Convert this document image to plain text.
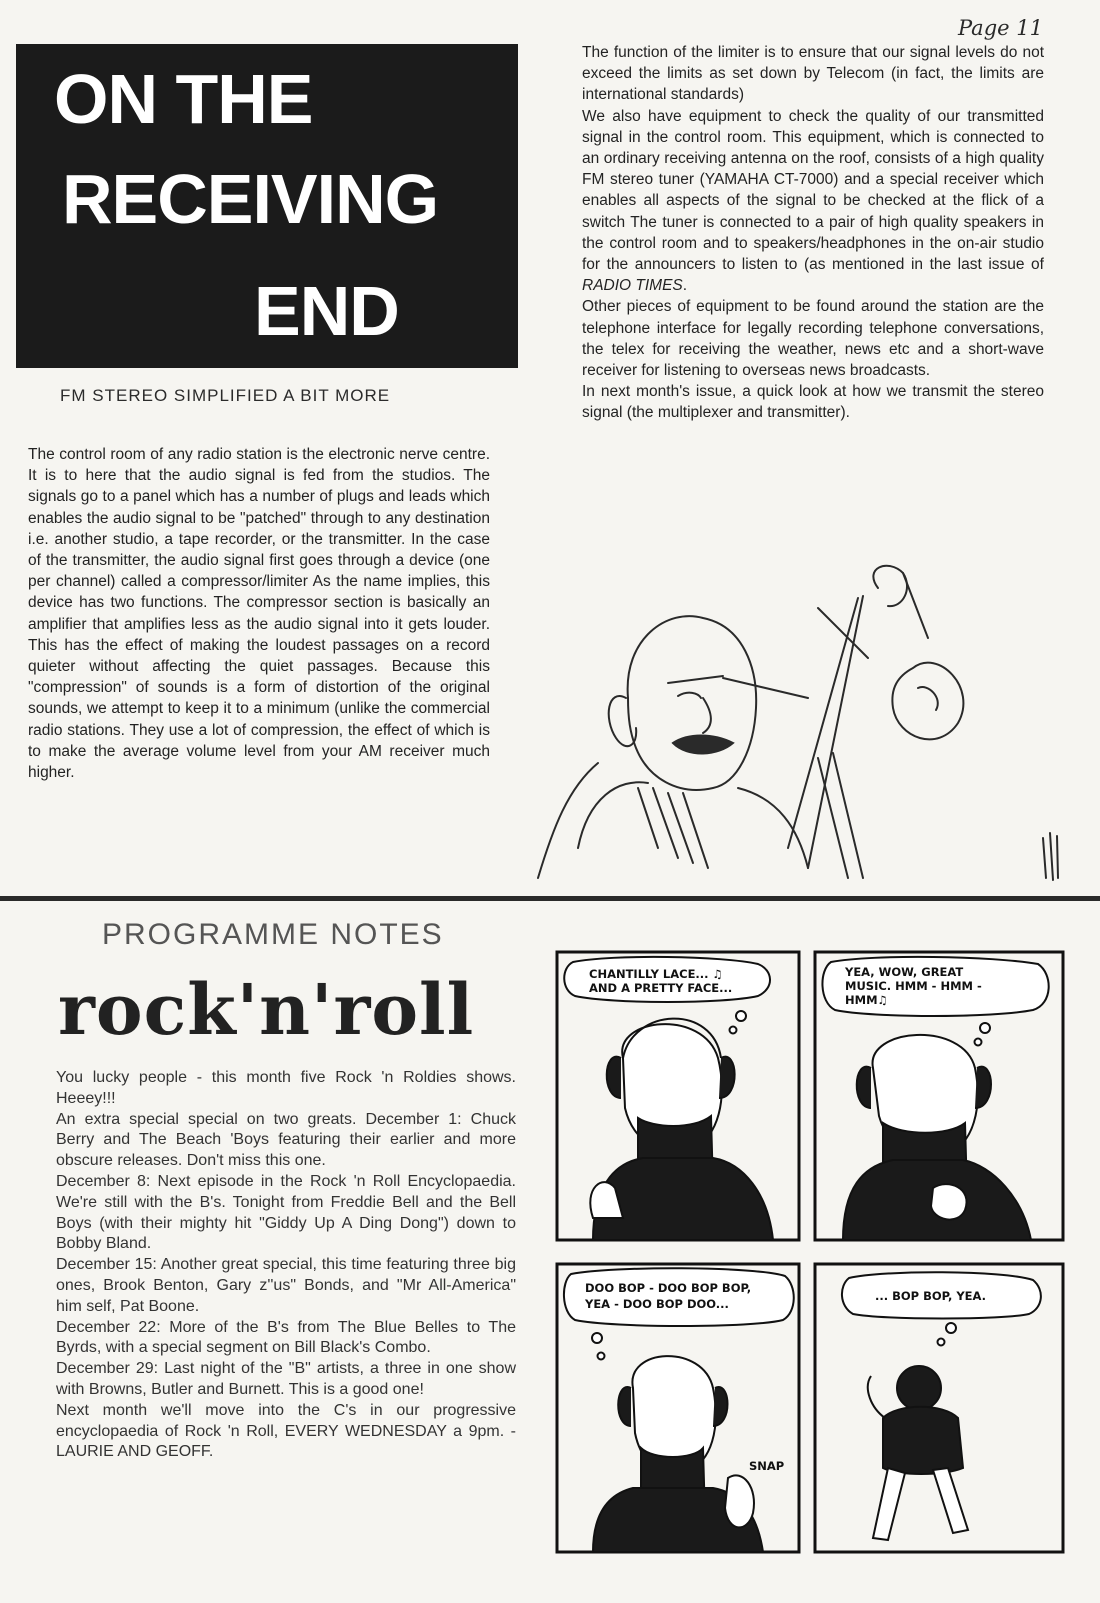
Page 11
ON THE
RECEIVING
END
FM STEREO SIMPLIFIED A BIT MORE

The control room of any radio station is the electronic nerve centre. It is to here that the audio signal is fed from the studios. The signals go to a panel which has a number of plugs and leads which enables the audio signal to be "patched" through to any destination i.e. another studio, a tape recorder, or the transmitter. In the case of the transmitter, the audio signal first goes through a device (one per channel) called a compressor/limiter As the name implies, this device has two functions. The compressor section is basically an amplifier that amplifies less as the audio signal into it gets louder. This has the effect of making the loudest passages on a record quieter without affecting the quiet passages. Because this "compression" of sounds is a form of distortion of the original sounds, we attempt to keep it to a minimum (unlike the commercial radio stations. They use a lot of compression, the effect of which is to make the average volume level from your AM receiver much higher.

The function of the limiter is to ensure that our signal levels do not exceed the limits as set down by Telecom (in fact, the limits are international standards)

We also have equipment to check the quality of our transmitted signal in the control room. This equipment, which is connected to an ordinary receiving antenna on the roof, consists of a high quality FM stereo tuner (YAMAHA CT-7000) and a special receiver which enables all aspects of the signal to be checked at the flick of a switch The tuner is connected to a pair of high quality speakers in the control room and to speakers/headphones in the on-air studio for the announcers to listen to (as mentioned in the last issue of RADIO TIMES.

Other pieces of equipment to be found around the station are the telephone interface for legally recording telephone conversations, the telex for receiving the weather, news etc and a short-wave receiver for listening to overseas news broadcasts.

In next month's issue, a quick look at how we transmit the stereo signal (the multiplexer and transmitter).

PROGRAMME NOTES
rock'n'roll

You lucky people - this month five Rock 'n Roldies shows. Heeey!!!

An extra special special on two greats. December 1: Chuck Berry and The Beach 'Boys featuring their earlier and more obscure releases. Don't miss this one.

December 8: Next episode in the Rock 'n Roll Encyclopaedia. We're still with the B's. Tonight from Freddie Bell and the Bell Boys (with their mighty hit "Giddy Up A Ding Dong") down to Bobby Bland.

December 15: Another great special, this time featuring three big ones, Brook Benton, Gary z''us" Bonds, and "Mr All-America" him self, Pat Boone.

December 22: More of the B's from The Blue Belles to The Byrds, with a special segment on Bill Black's Combo.

December 29: Last night of the "B" artists, a three in one show with Browns, Butler and Burnett. This is a good one!

Next month we'll move into the C's in our progressive encyclopaedia of Rock 'n Roll, EVERY WEDNESDAY a 9pm. - LAURIE AND GEOFF.

CHANTILLY LACE... ♫
AND A PRETTY FACE...
YEA, WOW, GREAT
MUSIC. HMM - HMM -
HMM♫
DOO BOP - DOO BOP BOP,
YEA - DOO BOP DOO...
SNAP
... BOP BOP, YEA.
